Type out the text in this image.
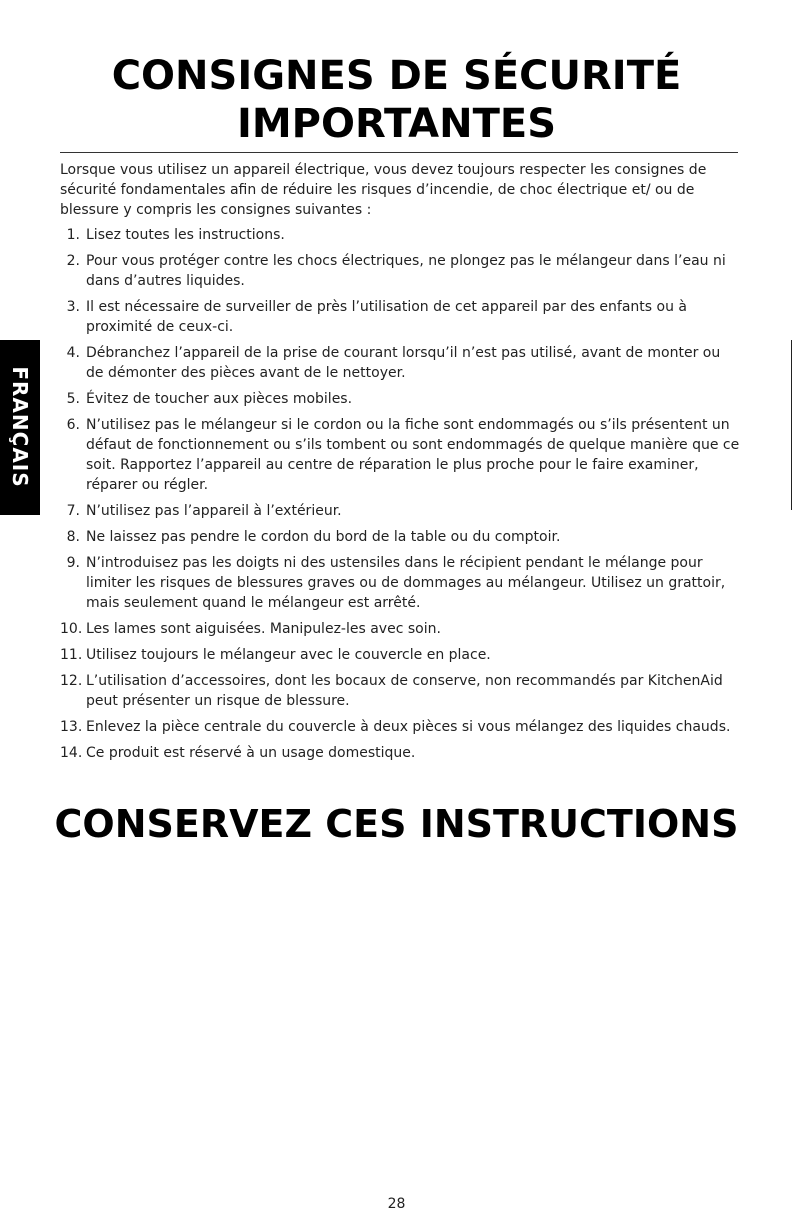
CONSIGNES DE SÉCURITÉ
IMPORTANTES
Lorsque vous utilisez un appareil électrique, vous devez toujours respecter les consignes de sécurité fondamentales afin de réduire les risques d’incendie, de choc électrique et/ ou de blessure y compris les consignes suivantes :
1. Lisez toutes les instructions.
2. Pour vous protéger contre les chocs électriques, ne plongez pas le mélangeur dans l’eau ni dans d’autres liquides.
3. Il est nécessaire de surveiller de près l’utilisation de cet appareil par des enfants ou à proximité de ceux-ci.
4. Débranchez l’appareil de la prise de courant lorsqu’il n’est pas utilisé, avant de monter ou de démonter des pièces avant de le nettoyer.
5. Évitez de toucher aux pièces mobiles.
6. N’utilisez pas le mélangeur si le cordon ou la fiche sont endommagés ou s’ils présentent un défaut de fonctionnement ou s’ils tombent ou sont endommagés de quelque manière que ce soit. Rapportez l’appareil au centre de réparation le plus proche pour le faire examiner, réparer ou régler.
7. N’utilisez pas l’appareil à l’extérieur.
8. Ne laissez pas pendre le cordon du bord de la table ou du comptoir.
9. N’introduisez pas les doigts ni des ustensiles dans le récipient pendant le mélange pour limiter les risques de blessures graves ou de dommages au mélangeur. Utilisez un grattoir, mais seulement quand le mélangeur est arrêté.
10. Les lames sont aiguisées. Manipulez-les avec soin.
11. Utilisez toujours le mélangeur avec le couvercle en place.
12. L’utilisation d’accessoires, dont les bocaux de conserve, non recommandés par KitchenAid peut présenter un risque de blessure.
13. Enlevez la pièce centrale du couvercle à deux pièces si vous mélangez des liquides chauds.
14. Ce produit est réservé à un usage domestique.
CONSERVEZ CES INSTRUCTIONS
FRANÇAIS
28
